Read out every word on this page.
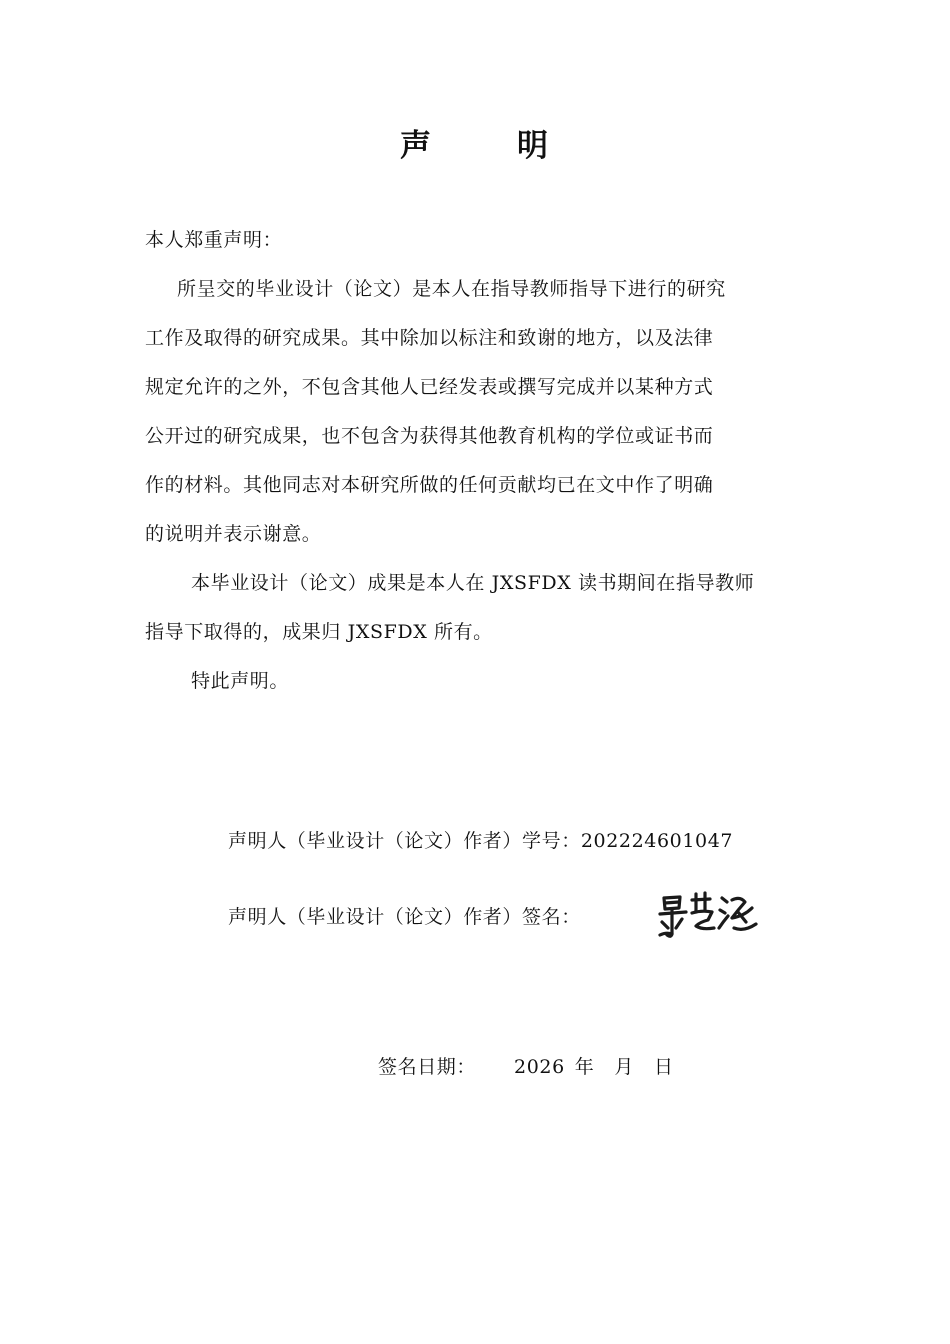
声	明
本人郑重声明：
所呈交的毕业设计（论文）是本人在指导教师指导下进行的研究
工作及取得的研究成果。其中除加以标注和致谢的地方，以及法律
规定允许的之外，不包含其他人已经发表或撰写完成并以某种方式
公开过的研究成果，也不包含为获得其他教育机构的学位或证书而
作的材料。其他同志对本研究所做的任何贡献均已在文中作了明确
的说明并表示谢意。
本毕业设计（论文）成果是本人在 JXSFDX 读书期间在指导教师
指导下取得的，成果归 JXSFDX 所有。
特此声明。
声明人（毕业设计（论文）作者）学号：202224601047
声明人（毕业设计（论文）作者）签名：
签名日期： 2026 年 月 日
